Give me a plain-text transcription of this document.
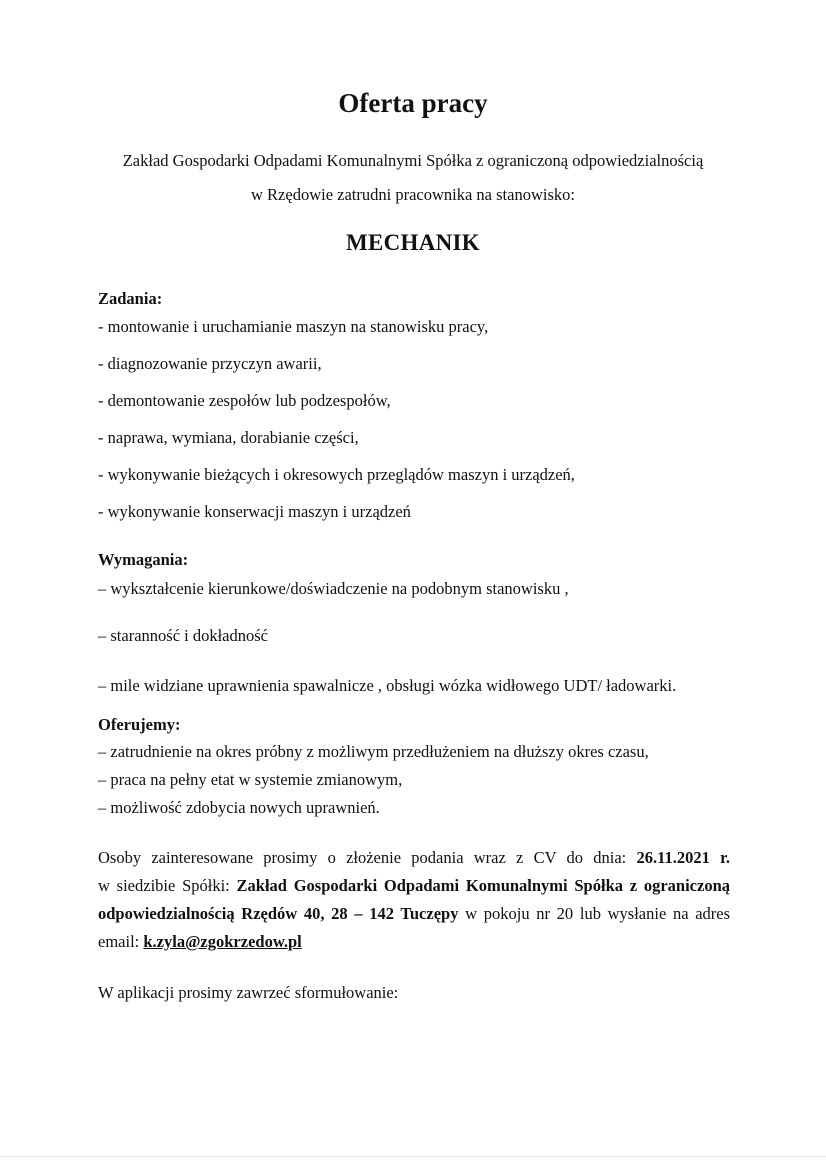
Oferta pracy

Zakład Gospodarki Odpadami Komunalnymi Spółka z ograniczoną odpowiedzialnością

w Rzędowie zatrudni pracownika na stanowisko:

MECHANIK
Zadania:
- montowanie i uruchamianie maszyn na stanowisku pracy,
- diagnozowanie przyczyn awarii,
- demontowanie zespołów lub podzespołów,
- naprawa, wymiana, dorabianie części,
- wykonywanie bieżących i okresowych przeglądów maszyn i urządzeń,
- wykonywanie konserwacji maszyn i urządzeń
Wymagania:
– wykształcenie kierunkowe/doświadczenie na podobnym stanowisku ,
– staranność i dokładność
– mile widziane uprawnienia spawalnicze , obsługi wózka widłowego UDT/ ładowarki.
Oferujemy:
– zatrudnienie na okres próbny z możliwym przedłużeniem na dłuższy okres czasu,
– praca na pełny etat w systemie zmianowym,
– możliwość zdobycia nowych uprawnień.
Osoby zainteresowane prosimy o złożenie podania wraz z CV do dnia: 26.11.2021 r.
w siedzibie Spółki: Zakład Gospodarki Odpadami Komunalnymi Spółka z ograniczoną
odpowiedzialnością Rzędów 40, 28 – 142 Tuczępy w pokoju nr 20 lub wysłanie na adres
email: k.zyla@zgokrzedow.pl
W aplikacji prosimy zawrzeć sformułowanie:
